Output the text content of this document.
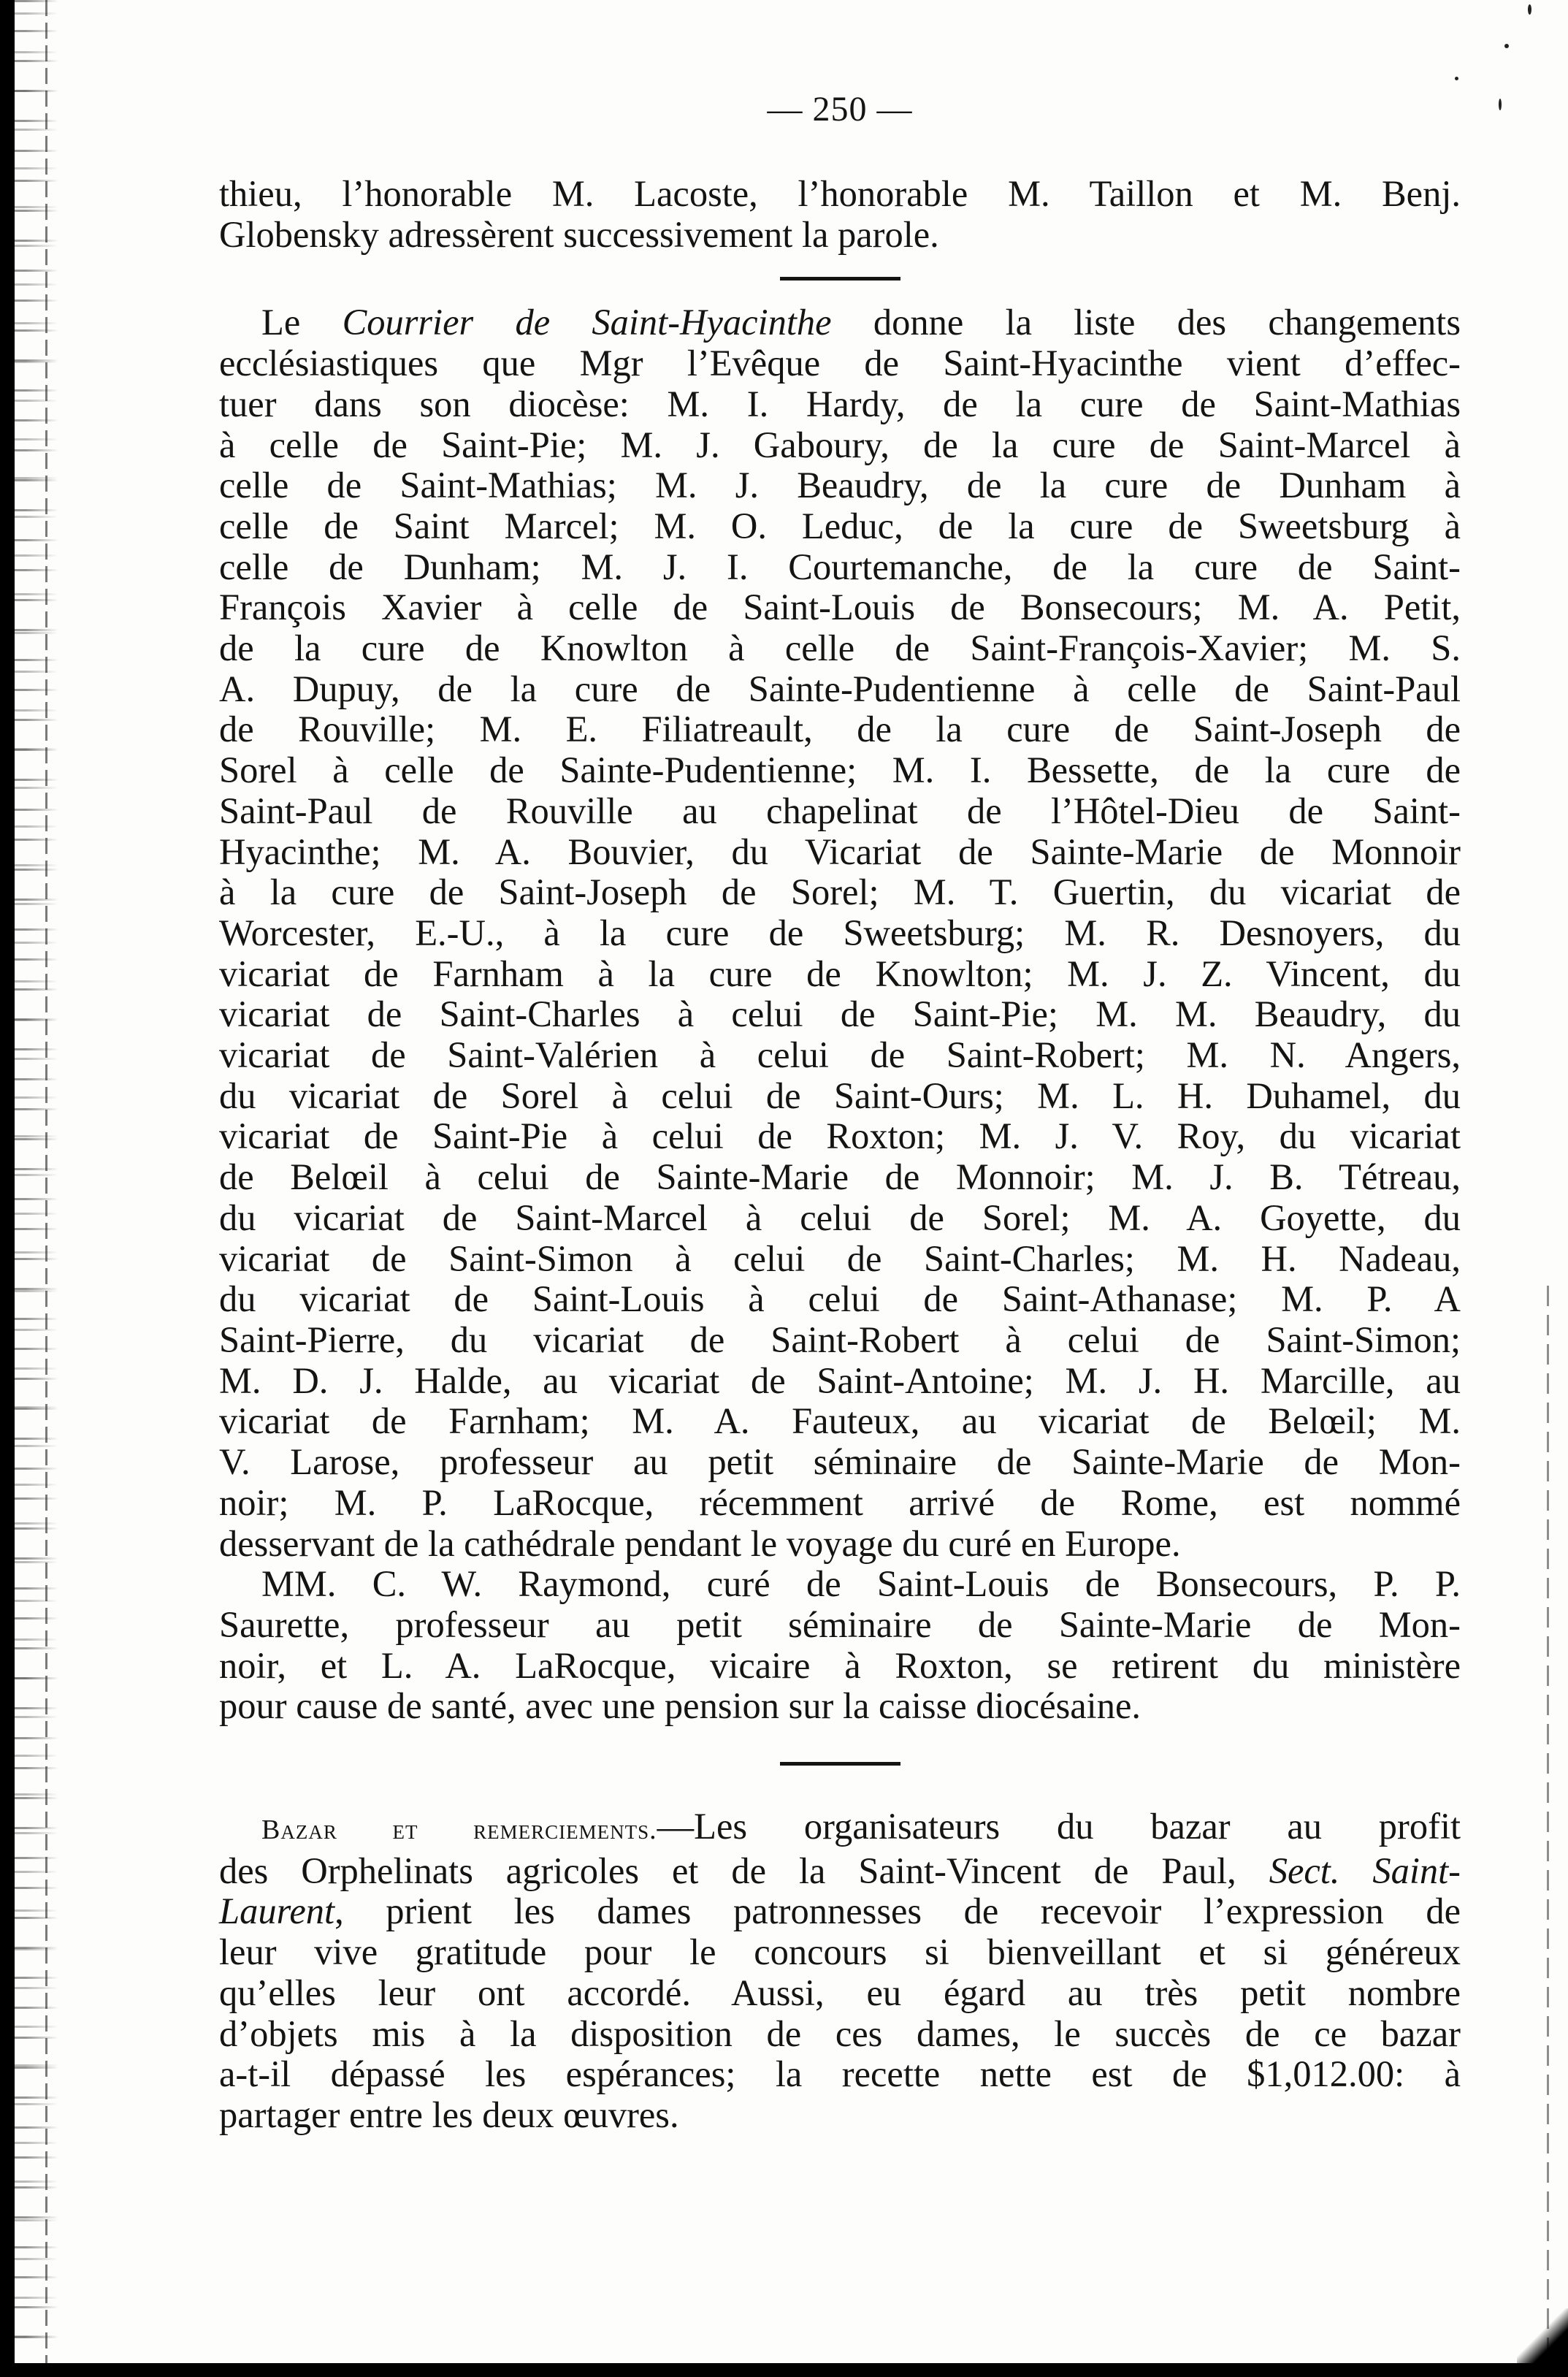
— 250 —

thieu, l’honorable M. Lacoste, l’honorable M. Taillon et M. Benj.
Globensky adressèrent successivement la parole.

Le Courrier de Saint-Hyacinthe donne la liste des changements
ecclésiastiques que Mgr l’Evêque de Saint-Hyacinthe vient d’effec-
tuer dans son diocèse: M. I. Hardy, de la cure de Saint-Mathias
à celle de Saint-Pie; M. J. Gaboury, de la cure de Saint-Marcel à
celle de Saint-Mathias; M. J. Beaudry, de la cure de Dunham à
celle de Saint Marcel; M. O. Leduc, de la cure de Sweetsburg à
celle de Dunham; M. J. I. Courtemanche, de la cure de Saint-
François Xavier à celle de Saint-Louis de Bonsecours; M. A. Petit,
de la cure de Knowlton à celle de Saint-François-Xavier; M. S.
A. Dupuy, de la cure de Sainte-Pudentienne à celle de Saint-Paul
de Rouville; M. E. Filiatreault, de la cure de Saint-Joseph de
Sorel à celle de Sainte-Pudentienne; M. I. Bessette, de la cure de
Saint-Paul de Rouville au chapelinat de l’Hôtel-Dieu de Saint-
Hyacinthe; M. A. Bouvier, du Vicariat de Sainte-Marie de Monnoir
à la cure de Saint-Joseph de Sorel; M. T. Guertin, du vicariat de
Worcester, E.-U., à la cure de Sweetsburg; M. R. Desnoyers, du
vicariat de Farnham à la cure de Knowlton; M. J. Z. Vincent, du
vicariat de Saint-Charles à celui de Saint-Pie; M. M. Beaudry, du
vicariat de Saint-Valérien à celui de Saint-Robert; M. N. Angers,
du vicariat de Sorel à celui de Saint-Ours; M. L. H. Duhamel, du
vicariat de Saint-Pie à celui de Roxton; M. J. V. Roy, du vicariat
de Belœil à celui de Sainte-Marie de Monnoir; M. J. B. Tétreau,
du vicariat de Saint-Marcel à celui de Sorel; M. A. Goyette, du
vicariat de Saint-Simon à celui de Saint-Charles; M. H. Nadeau,
du vicariat de Saint-Louis à celui de Saint-Athanase; M. P. A
Saint-Pierre, du vicariat de Saint-Robert à celui de Saint-Simon;
M. D. J. Halde, au vicariat de Saint-Antoine; M. J. H. Marcille, au
vicariat de Farnham; M. A. Fauteux, au vicariat de Belœil; M.
V. Larose, professeur au petit séminaire de Sainte-Marie de Mon-
noir; M. P. LaRocque, récemment arrivé de Rome, est nommé
desservant de la cathédrale pendant le voyage du curé en Europe.
MM. C. W. Raymond, curé de Saint-Louis de Bonsecours, P. P.
Saurette, professeur au petit séminaire de Sainte-Marie de Mon-
noir, et L. A. LaRocque, vicaire à Roxton, se retirent du ministère
pour cause de santé, avec une pension sur la caisse diocésaine.

Bazar et remerciements.—Les organisateurs du bazar au profit
des Orphelinats agricoles et de la Saint-Vincent de Paul, Sect. Saint-
Laurent, prient les dames patronnesses de recevoir l’expression de
leur vive gratitude pour le concours si bienveillant et si généreux
qu’elles leur ont accordé. Aussi, eu égard au très petit nombre
d’objets mis à la disposition de ces dames, le succès de ce bazar
a-t-il dépassé les espérances; la recette nette est de $1,012.00: à
partager entre les deux œuvres.
